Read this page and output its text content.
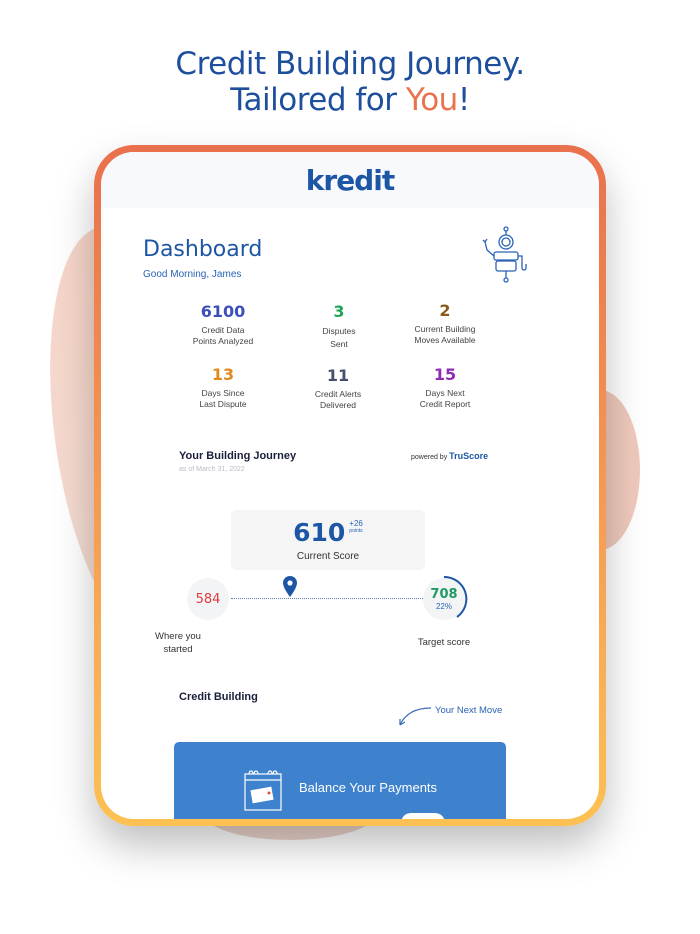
Credit Building Journey.
Tailored for You!
kredit
Dashboard
Good Morning, James
6100
Credit Data
Points Analyzed
3
Disputes
Sent
2
Current Building
Moves Available
13
Days Since
Last Dispute
11
Credit Alerts
Delivered
15
Days Next
Credit Report
Your Building Journey
as of March 31, 2022
powered by TruScore
610 +26
points
Current Score
584	708
22%
Where you
started
Target score
Credit Building
Your Next Move
Balance Your Payments
